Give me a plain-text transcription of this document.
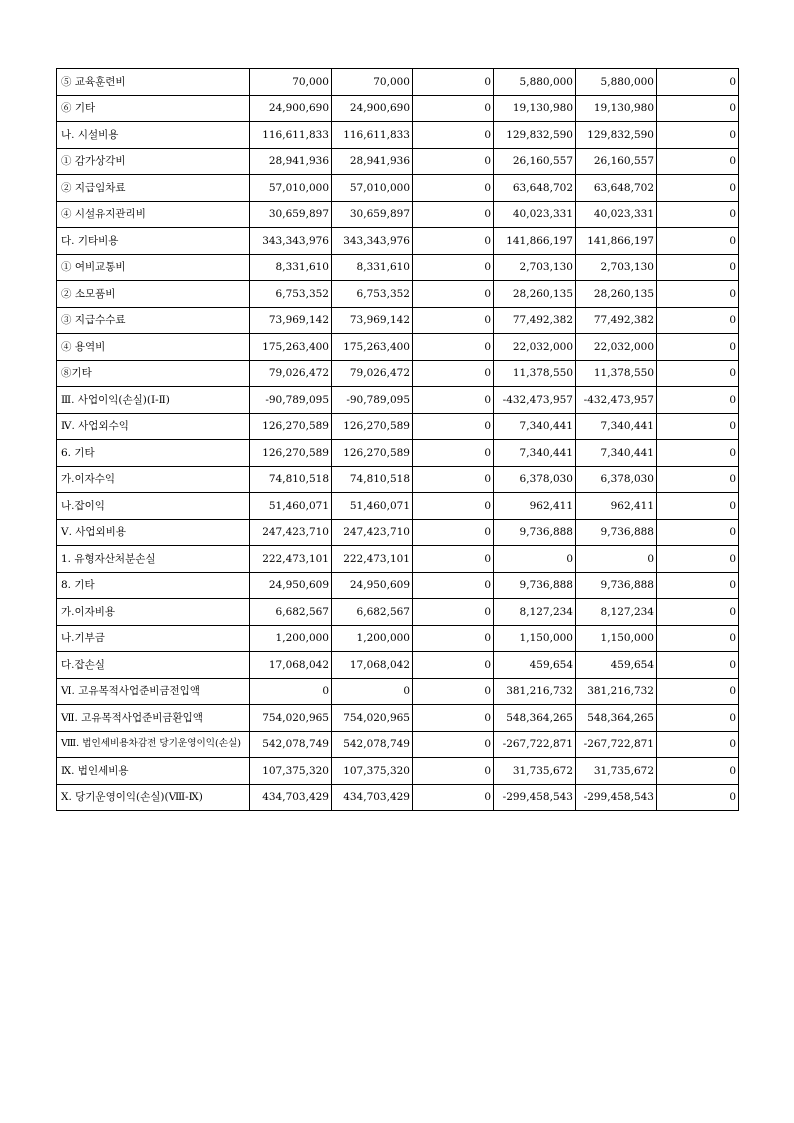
⑤ 교육훈련비	70,000	70,000	0	5,880,000	5,880,000	0
⑥ 기타	24,900,690	24,900,690	0	19,130,980	19,130,980	0
나. 시설비용	116,611,833	116,611,833	0	129,832,590	129,832,590	0
① 감가상각비	28,941,936	28,941,936	0	26,160,557	26,160,557	0
② 지급임차료	57,010,000	57,010,000	0	63,648,702	63,648,702	0
④ 시설유지관리비	30,659,897	30,659,897	0	40,023,331	40,023,331	0
다. 기타비용	343,343,976	343,343,976	0	141,866,197	141,866,197	0
① 여비교통비	8,331,610	8,331,610	0	2,703,130	2,703,130	0
② 소모품비	6,753,352	6,753,352	0	28,260,135	28,260,135	0
③ 지급수수료	73,969,142	73,969,142	0	77,492,382	77,492,382	0
④ 용역비	175,263,400	175,263,400	0	22,032,000	22,032,000	0
⑧기타	79,026,472	79,026,472	0	11,378,550	11,378,550	0
Ⅲ. 사업이익(손실)(Ⅰ-Ⅱ)	-90,789,095	-90,789,095	0	-432,473,957	-432,473,957	0
Ⅳ. 사업외수익	126,270,589	126,270,589	0	7,340,441	7,340,441	0
6. 기타	126,270,589	126,270,589	0	7,340,441	7,340,441	0
가.이자수익	74,810,518	74,810,518	0	6,378,030	6,378,030	0
나.잡이익	51,460,071	51,460,071	0	962,411	962,411	0
Ⅴ. 사업외비용	247,423,710	247,423,710	0	9,736,888	9,736,888	0
1. 유형자산처분손실	222,473,101	222,473,101	0	0	0	0
8. 기타	24,950,609	24,950,609	0	9,736,888	9,736,888	0
가.이자비용	6,682,567	6,682,567	0	8,127,234	8,127,234	0
나.기부금	1,200,000	1,200,000	0	1,150,000	1,150,000	0
다.잡손실	17,068,042	17,068,042	0	459,654	459,654	0
Ⅵ. 고유목적사업준비금전입액	0	0	0	381,216,732	381,216,732	0
Ⅶ. 고유목적사업준비금환입액	754,020,965	754,020,965	0	548,364,265	548,364,265	0
Ⅷ. 법인세비용차감전 당기운영이익(손실)	542,078,749	542,078,749	0	-267,722,871	-267,722,871	0
Ⅸ. 법인세비용	107,375,320	107,375,320	0	31,735,672	31,735,672	0
Ⅹ. 당기운영이익(손실)(Ⅷ-Ⅸ)	434,703,429	434,703,429	0	-299,458,543	-299,458,543	0
